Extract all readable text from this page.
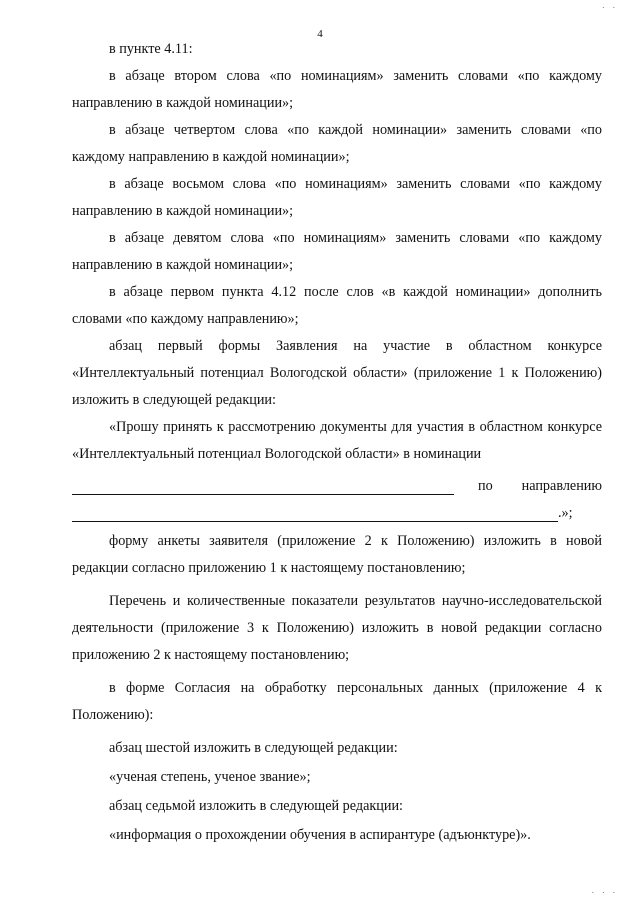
. .
4

в пункте 4.11:

в абзаце втором слова «по номинациям» заменить словами «по каждому направлению в каждой номинации»;

в абзаце четвертом слова «по каждой номинации» заменить словами «по каждому направлению в каждой номинации»;

в абзаце восьмом слова «по номинациям» заменить словами «по каждому направлению в каждой номинации»;

в абзаце девятом слова «по номинациям» заменить словами «по каждому направлению в каждой номинации»;

в абзаце первом пункта 4.12 после слов «в каждой номинации» дополнить словами «по каждому направлению»;

абзац первый формы Заявления на участие в областном конкурсе «Интеллектуальный потенциал Вологодской области» (приложение 1 к Положению) изложить в следующей редакции:

«Прошу принять к рассмотрению документы для участия в областном конкурсе «Интеллектуальный потенциал Вологодской области» в номинации

по направлению
.»;

форму анкеты заявителя (приложение 2 к Положению) изложить в новой редакции согласно приложению 1 к настоящему постановлению;

Перечень и количественные показатели результатов научно-исследовательской деятельности (приложение 3 к Положению) изложить в новой редакции согласно приложению 2 к настоящему постановлению;

в форме Согласия на обработку персональных данных (приложение 4 к Положению):

абзац шестой изложить в следующей редакции:

«ученая степень, ученое звание»;

абзац седьмой изложить в следующей редакции:

«информация о прохождении обучения в аспирантуре (адъюнктуре)».

. . .
